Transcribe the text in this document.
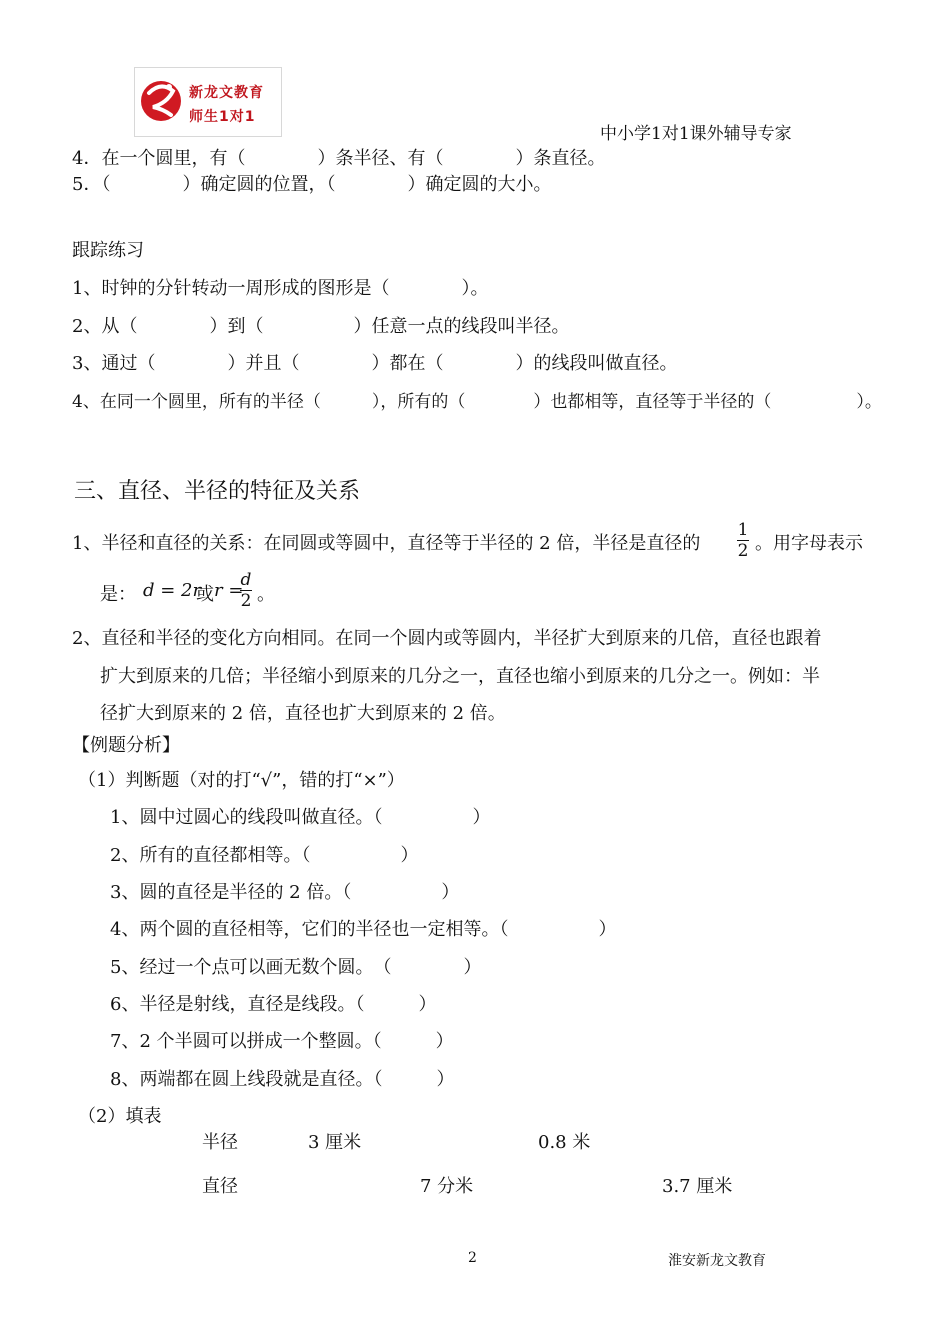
新龙文教育
师生1对1
中小学1对1课外辅导专家
4．在一个圆里，有（　　　　）条半径、有（　　　　）条直径。
5．（　　　　）确定圆的位置，（　　　　）确定圆的大小。
跟踪练习
1、时钟的分针转动一周形成的图形是（　　　　）。
2、从（　　　　）到（　　　　　）任意一点的线段叫半径。
3、通过（　　　　）并且（　　　　）都在（　　　　）的线段叫做直径。
4、在同一个圆里，所有的半径（　　　），所有的（　　　　）也都相等，直径等于半径的（　　　　　）。
三、直径、半径的特征及关系
1、半径和直径的关系：在同圆或等圆中，直径等于半径的 2 倍，半径是直径的
1
2 。用字母表示
是： d = 2r
或 r =
d
2 。
2、直径和半径的变化方向相同。在同一个圆内或等圆内，半径扩大到原来的几倍，直径也跟着
扩大到原来的几倍；半径缩小到原来的几分之一，直径也缩小到原来的几分之一。例如：半
径扩大到原来的 2 倍，直径也扩大到原来的 2 倍。
【例题分析】
（1）判断题（对的打“√”，错的打“×”）
1、圆中过圆心的线段叫做直径。（　　　　　）
2、所有的直径都相等。（　　　　　）
3、圆的直径是半径的 2 倍。（　　　　　）
4、两个圆的直径相等，它们的半径也一定相等。（　　　　　）
5、经过一个点可以画无数个圆。　（　　　　）
6、半径是射线，直径是线段。（　　　）
7、2 个半圆可以拼成一个整圆。（　　　）
8、两端都在圆上线段就是直径。（　　　）
（2）填表
半径	3 厘米	0.8 米
直径	7 分米	3.7 厘米
2	淮安新龙文教育
